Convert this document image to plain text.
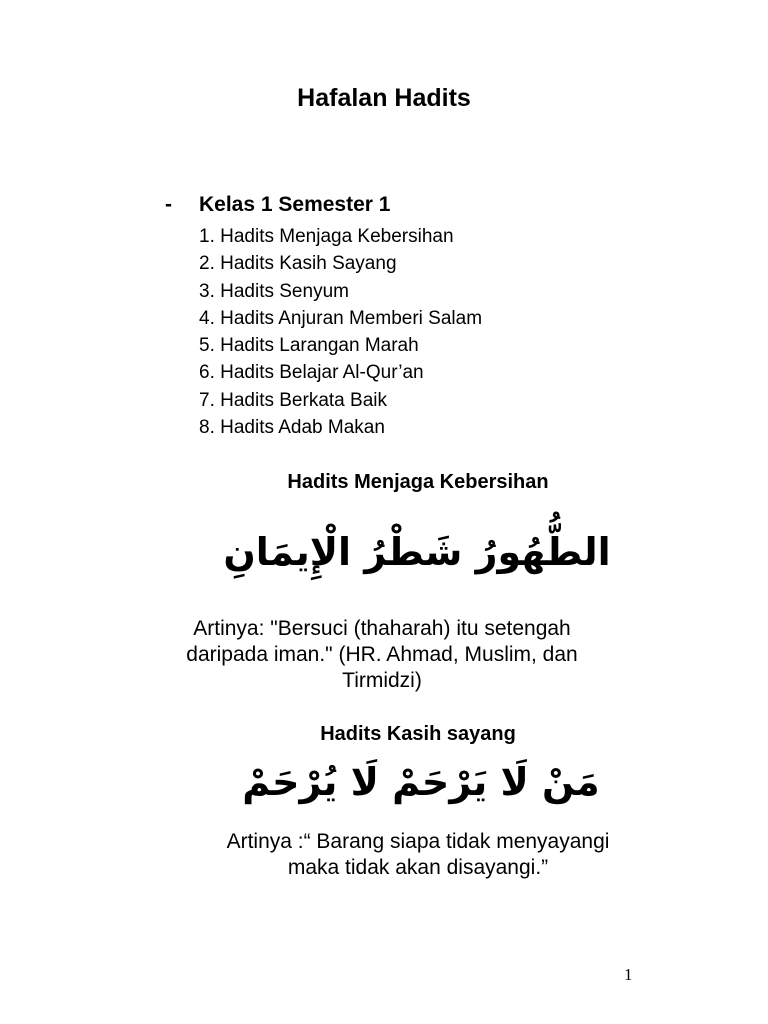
Hafalan Hadits
-	Kelas 1 Semester 1
1. Hadits Menjaga Kebersihan
2. Hadits Kasih Sayang
3. Hadits Senyum
4. Hadits Anjuran Memberi Salam
5. Hadits Larangan Marah
6. Hadits Belajar Al-Qur’an
7. Hadits Berkata Baik
8. Hadits Adab Makan
Hadits Menjaga Kebersihan
الطُّهُورُ شَطْرُ الْإِيمَانِ
Artinya: "Bersuci (thaharah) itu setengah
daripada iman." (HR. Ahmad, Muslim, dan
Tirmidzi)
Hadits Kasih sayang
مَنْ لَا يَرْحَمْ لَا يُرْحَمْ
Artinya :“ Barang siapa tidak menyayangi
maka tidak akan disayangi.”
1
